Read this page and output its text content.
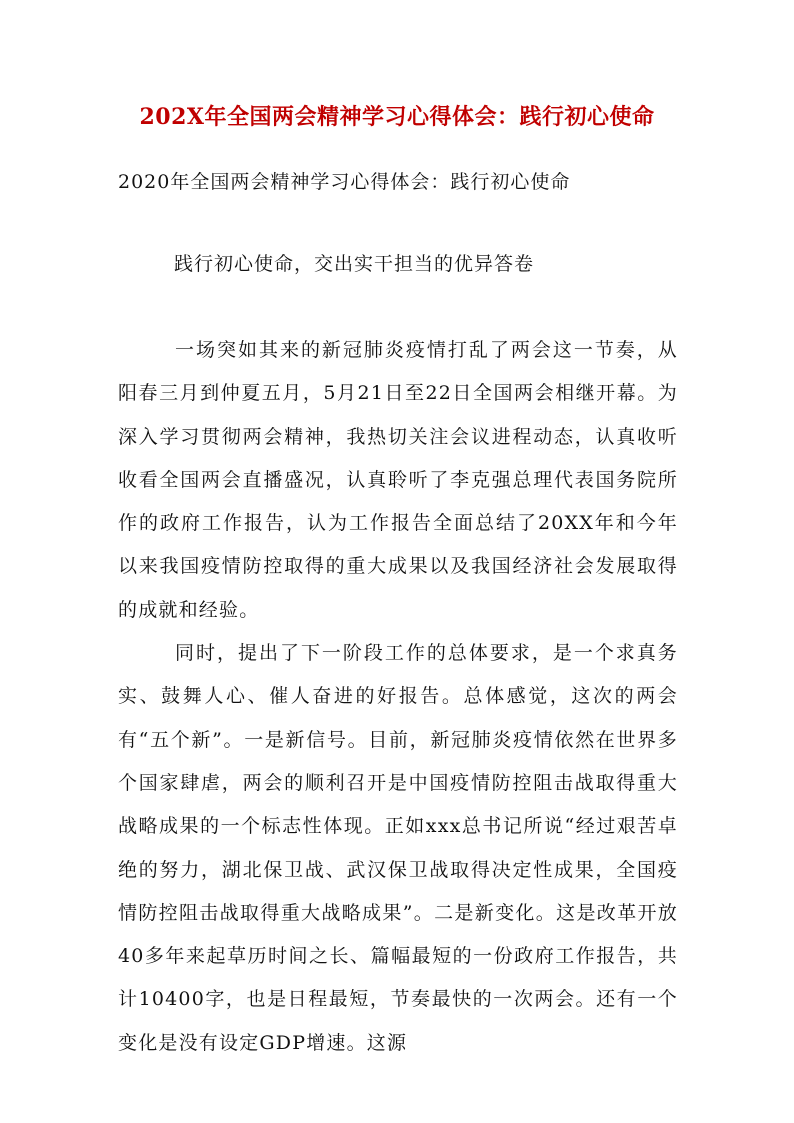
202X年全国两会精神学习心得体会：践行初心使命
2020年全国两会精神学习心得体会：践行初心使命
践行初心使命，交出实干担当的优异答卷

一场突如其来的新冠肺炎疫情打乱了两会这一节奏，从阳春三月到仲夏五月，5月21日至22日全国两会相继开幕。为深入学习贯彻两会精神，我热切关注会议进程动态，认真收听收看全国两会直播盛况，认真聆听了李克强总理代表国务院所作的政府工作报告，认为工作报告全面总结了20XX年和今年以来我国疫情防控取得的重大成果以及我国经济社会发展取得的成就和经验。

同时，提出了下一阶段工作的总体要求，是一个求真务实、鼓舞人心、催人奋进的好报告。总体感觉，这次的两会有“五个新”。一是新信号。目前，新冠肺炎疫情依然在世界多个国家肆虐，两会的顺利召开是中国疫情防控阻击战取得重大战略成果的一个标志性体现。正如xxx总书记所说“经过艰苦卓绝的努力，湖北保卫战、武汉保卫战取得决定性成果，全国疫情防控阻击战取得重大战略成果”。二是新变化。这是改革开放40多年来起草历时间之长、篇幅最短的一份政府工作报告，共计10400字，也是日程最短，节奏最快的一次两会。还有一个变化是没有设定GDP增速。这源
